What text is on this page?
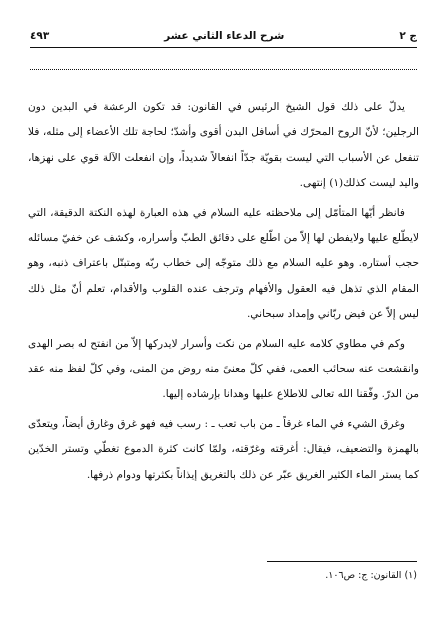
٤٩٣	شرح الدعاء الثاني عشر	ج ٢

يدلّ على ذلك قول الشيخ الرئيس في القانون: قد تكون الرعشة في البدين دون الرجلين؛ لأنّ الروح المحرّك في أسافل البدن أقوى وأشدّ؛ لحاجة تلك الأعضاء إلى مثله، فلا تنفعل عن الأسباب التي ليست بقويّة جدّاً انفعالاً شديداً، وإن انفعلت الآلة قوي على نهزها، واليد ليست كذلك(١) إنتهى.

فانظر أيّها المتأمّل إلى ملاحظته عليه السلام في هذه العبارة لهذه النكتة الدقيقة، التي لايطّلع عليها ولايفطن لها إلاّ من اطّلع على دقائق الطبّ وأسراره، وكشف عن خفيّ مسائله حجب أستاره. وهو عليه السلام مع ذلك متوجّه إلى خطاب ربّه ومتبتّل باعتراف ذنبه، وهو المقام الذي تذهل فيه العقول والأفهام وترجف عنده القلوب والأقدام، تعلم أنّ مثل ذلك ليس إلاّ عن فيض ربّاني وإمداد سبحاني.

وكم في مطاوي كلامه عليه السلام من نكت وأسرار لايدركها إلاّ من انفتح له بصر الهدى وانقشعت عنه سحائب العمى، ففي كلّ معنىً منه روض من المنى، وفي كلّ لفظ منه عقد من الدرّ. وفّقنا الله تعالى للاطلاع عليها وهدانا بإرشاده إليها.

وغرق الشيء في الماء غرقاً ـ من باب تعب ـ : رسب فيه فهو غرق وغارق أيضاً، ويتعدّى بالهمزة والتضعيف، فيقال: أغرقته وغرّقته، ولمّا كانت كثرة الدموع تغطّي وتستر الخدّين كما يستر الماء الكثير الغريق عبّر عن ذلك بالتغريق إيذاناً بكثرتها ودوام ذرفها.

(١) القانون: ج: ص١٠٦.
